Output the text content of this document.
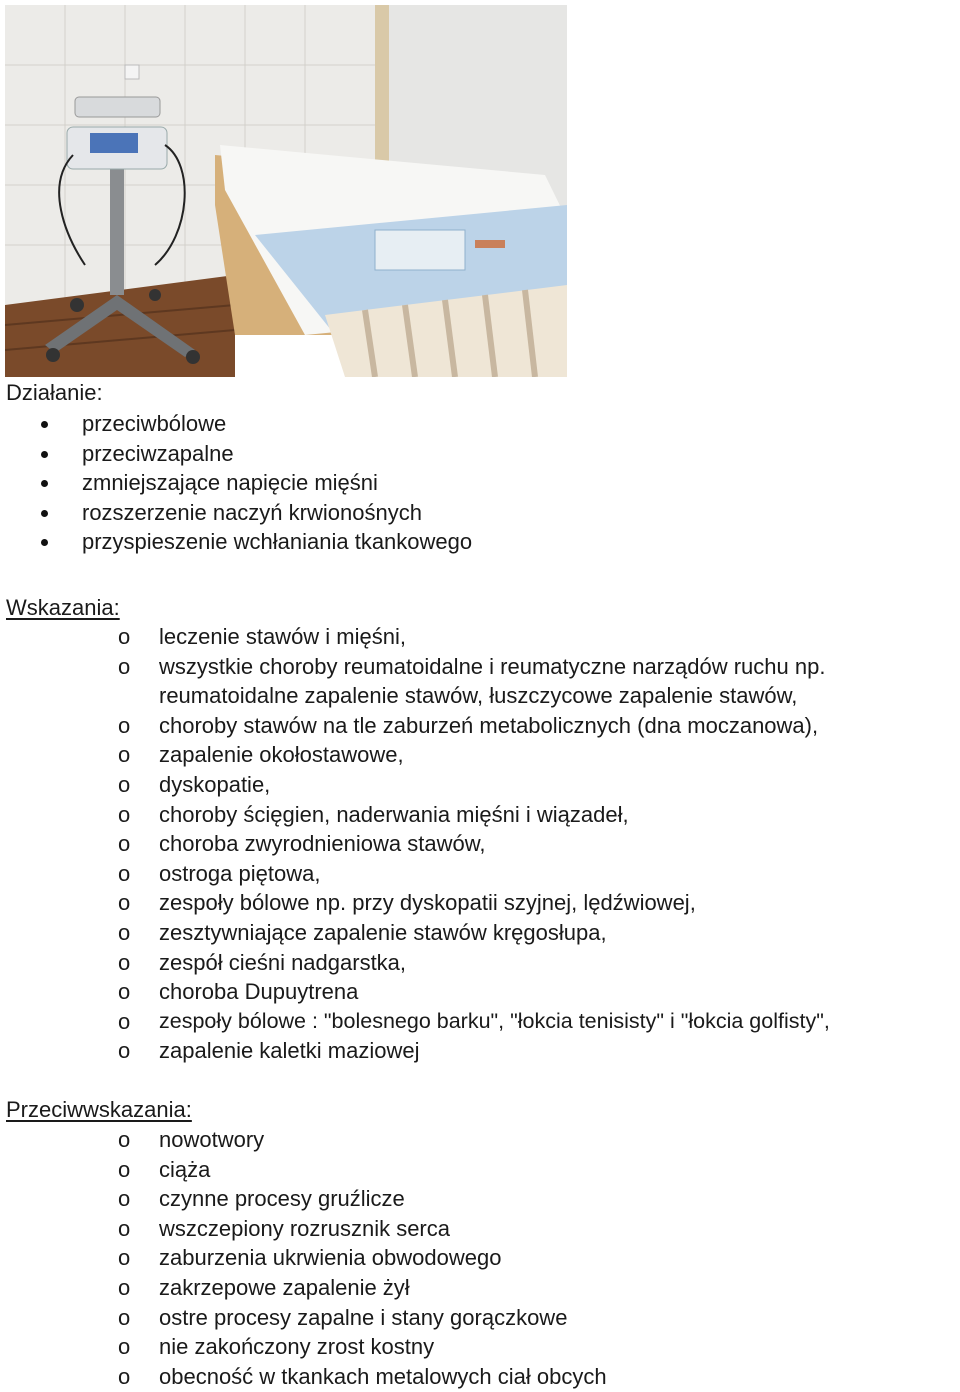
Działanie:

przeciwbólowe
przeciwzapalne
zmniejszające napięcie mięśni
rozszerzenie naczyń krwionośnych
przyspieszenie wchłaniania tkankowego

Wskazania:

o leczenie stawów i mięśni,
o wszystkie choroby reumatoidalne i reumatyczne narządów ruchu np.
reumatoidalne zapalenie stawów, łuszczycowe zapalenie stawów,
o choroby stawów na tle zaburzeń metabolicznych (dna moczanowa),
o zapalenie okołostawowe,
o dyskopatie,
o choroby ścięgien, naderwania mięśni i wiązadeł,
o choroba zwyrodnieniowa stawów,
o ostroga piętowa,
o zespoły bólowe np. przy dyskopatii szyjnej, lędźwiowej,
o zesztywniające zapalenie stawów kręgosłupa,
o zespół cieśni nadgarstka,
o choroba Dupuytrena
o zespoły bólowe : "bolesnego barku", "łokcia tenisisty" i "łokcia golfisty",
o zapalenie kaletki maziowej

Przeciwwskazania:

o nowotwory
o ciąża
o czynne procesy gruźlicze
o wszczepiony rozrusznik serca
o zaburzenia ukrwienia obwodowego
o zakrzepowe zapalenie żył
o ostre procesy zapalne i stany gorączkowe
o nie zakończony zrost kostny
o obecność w tkankach metalowych ciał obcych
